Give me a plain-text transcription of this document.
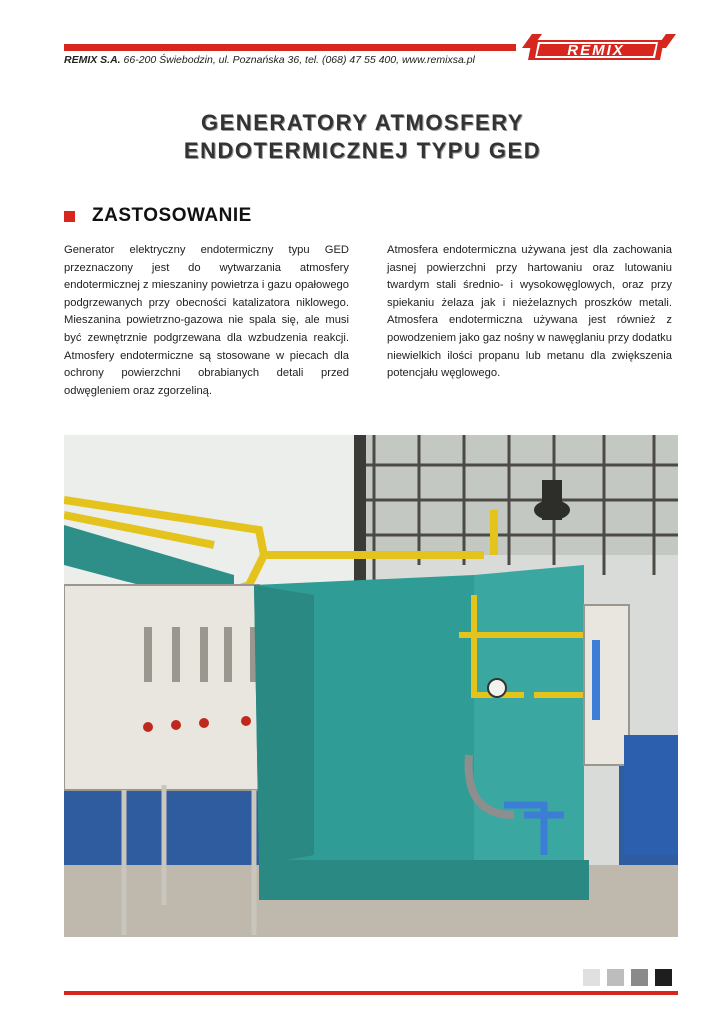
REMIX
REMIX S.A. 66-200 Świebodzin, ul. Poznańska 36, tel. (068) 47 55 400, www.remixsa.pl
GENERATORY ATMOSFERY
ENDOTERMICZNEJ TYPU GED
ZASTOSOWANIE

Generator elektryczny endotermiczny typu GED przeznaczony jest do wytwarzania atmosfery endotermicznej z mieszaniny powietrza i gazu opałowego podgrzewanych przy obecności katalizatora niklowego. Mieszanina powietrzno-gazowa nie spala się, ale musi być zewnętrznie podgrzewana dla wzbudzenia reakcji. Atmosfery endotermiczne są stosowane w piecach dla ochrony powierzchni obrabianych detali przed odwęgleniem oraz zgorzeliną.

Atmosfera endotermiczna używana jest dla zachowania jasnej powierzchni przy hartowaniu oraz lutowaniu twardym stali średnio- i wysokowęglowych, oraz przy spiekaniu żelaza jak i nieżelaznych proszków metali. Atmosfera endotermiczna używana jest również z powodzeniem jako gaz nośny w nawęglaniu przy dodatku niewielkich ilości propanu lub metanu dla zwiększenia potencjału węglowego.
